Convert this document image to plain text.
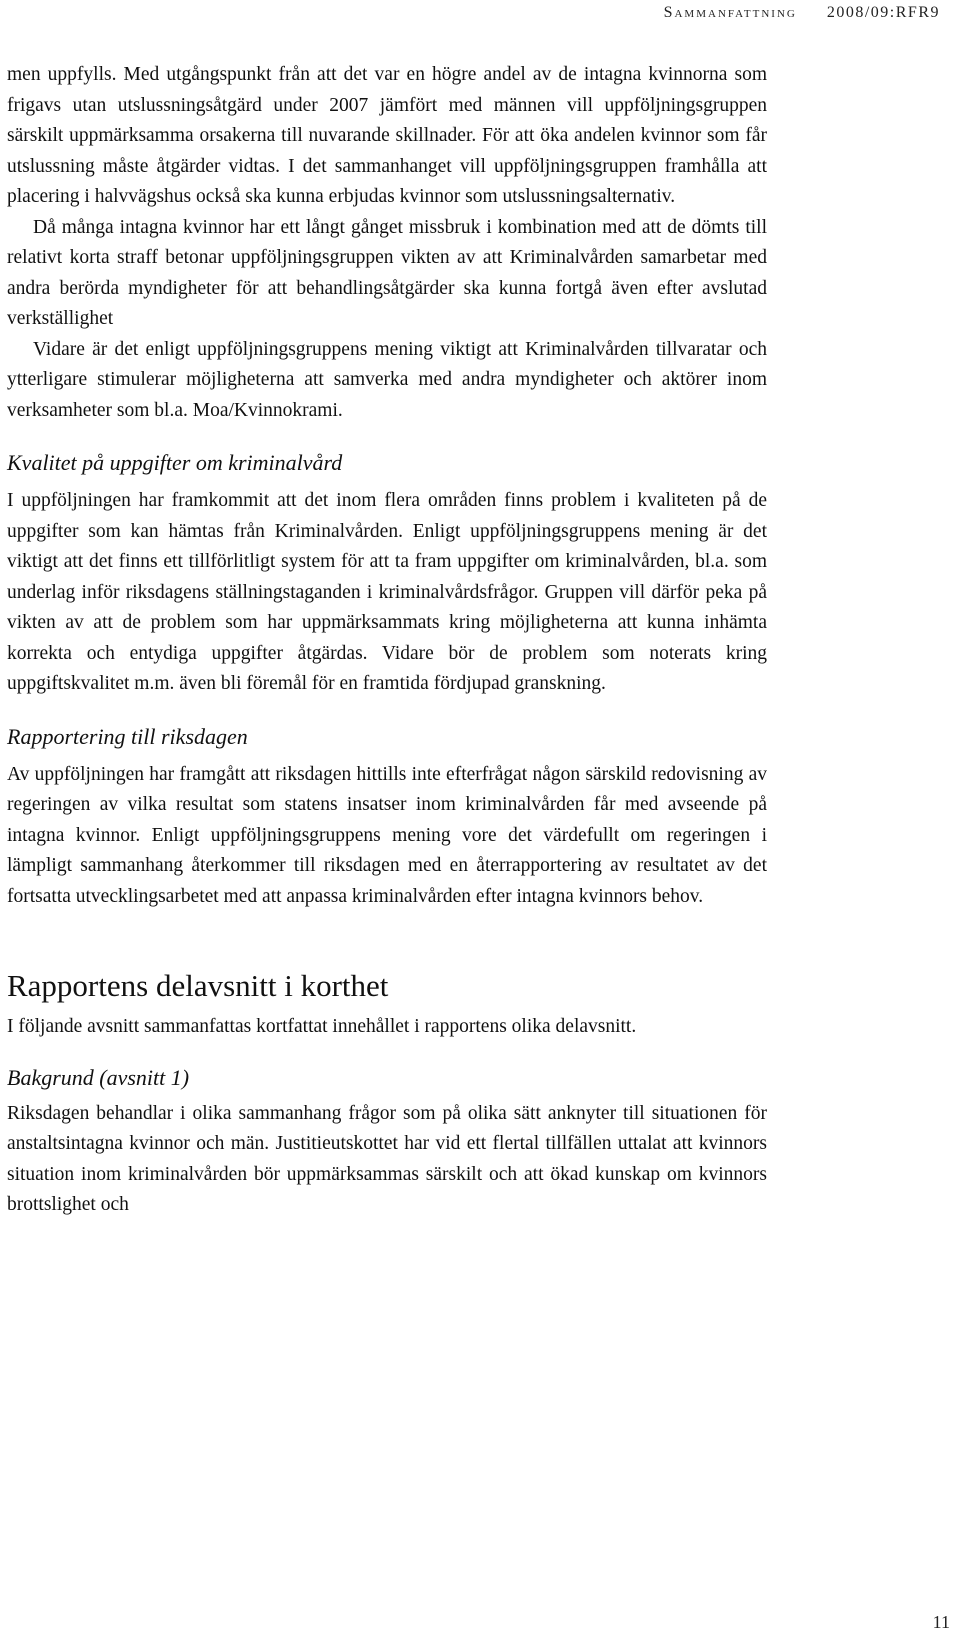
Sammanfattning 2008/09:RFR9

men uppfylls. Med utgångspunkt från att det var en högre andel av de intagna kvinnorna som frigavs utan utslussningsåtgärd under 2007 jämfört med männen vill uppföljningsgruppen särskilt uppmärksamma orsakerna till nuvarande skillnader. För att öka andelen kvinnor som får utslussning måste åtgärder vidtas. I det sammanhanget vill uppföljningsgruppen framhålla att placering i halvvägshus också ska kunna erbjudas kvinnor som utslussningsalternativ.

Då många intagna kvinnor har ett långt gånget missbruk i kombination med att de dömts till relativt korta straff betonar uppföljningsgruppen vikten av att Kriminalvården samarbetar med andra berörda myndigheter för att behandlingsåtgärder ska kunna fortgå även efter avslutad verkställighet

Vidare är det enligt uppföljningsgruppens mening viktigt att Kriminalvården tillvaratar och ytterligare stimulerar möjligheterna att samverka med andra myndigheter och aktörer inom verksamheter som bl.a. Moa/Kvinnokrami.

Kvalitet på uppgifter om kriminalvård

I uppföljningen har framkommit att det inom flera områden finns problem i kvaliteten på de uppgifter som kan hämtas från Kriminalvården. Enligt uppföljningsgruppens mening är det viktigt att det finns ett tillförlitligt system för att ta fram uppgifter om kriminalvården, bl.a. som underlag inför riksdagens ställningstaganden i kriminalvårdsfrågor. Gruppen vill därför peka på vikten av att de problem som har uppmärksammats kring möjligheterna att kunna inhämta korrekta och entydiga uppgifter åtgärdas. Vidare bör de problem som noterats kring uppgiftskvalitet m.m. även bli föremål för en framtida fördjupad granskning.

Rapportering till riksdagen

Av uppföljningen har framgått att riksdagen hittills inte efterfrågat någon särskild redovisning av regeringen av vilka resultat som statens insatser inom kriminalvården får med avseende på intagna kvinnor. Enligt uppföljningsgruppens mening vore det värdefullt om regeringen i lämpligt sammanhang återkommer till riksdagen med en återrapportering av resultatet av det fortsatta utvecklingsarbetet med att anpassa kriminalvården efter intagna kvinnors behov.

Rapportens delavsnitt i korthet

I följande avsnitt sammanfattas kortfattat innehållet i rapportens olika delavsnitt.

Bakgrund (avsnitt 1)

Riksdagen behandlar i olika sammanhang frågor som på olika sätt anknyter till situationen för anstaltsintagna kvinnor och män. Justitieutskottet har vid ett flertal tillfällen uttalat att kvinnors situation inom kriminalvården bör uppmärksammas särskilt och att ökad kunskap om kvinnors brottslighet och

11
